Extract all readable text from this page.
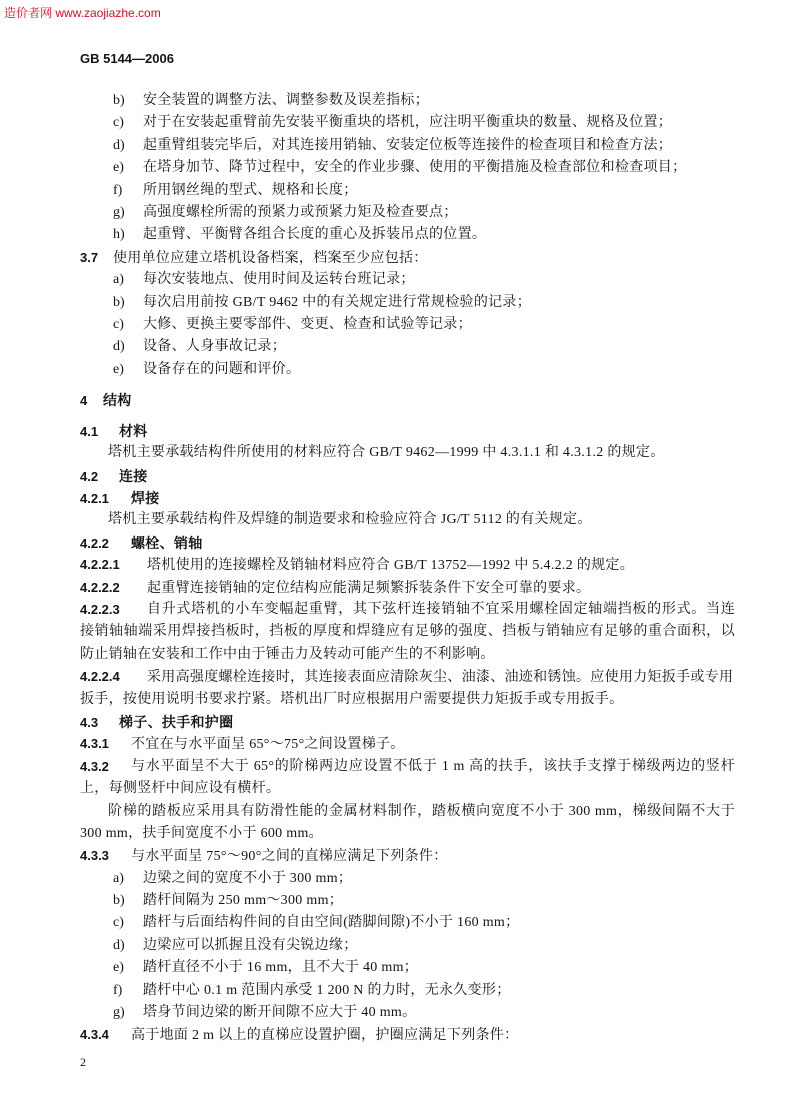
造价者网 www.zaojiazhe.com
GB 5144—2006
b) 安全装置的调整方法、调整参数及误差指标；
c) 对于在安装起重臂前先安装平衡重块的塔机，应注明平衡重块的数量、规格及位置；
d) 起重臂组装完毕后，对其连接用销轴、安装定位板等连接件的检查项目和检查方法；
e) 在塔身加节、降节过程中，安全的作业步骤、使用的平衡措施及检查部位和检查项目；
f) 所用钢丝绳的型式、规格和长度；
g) 高强度螺栓所需的预紧力或预紧力矩及检查要点；
h) 起重臂、平衡臂各组合长度的重心及拆装吊点的位置。
3.7 使用单位应建立塔机设备档案，档案至少应包括：
a) 每次安装地点、使用时间及运转台班记录；
b) 每次启用前按 GB/T 9462 中的有关规定进行常规检验的记录；
c) 大修、更换主要零部件、变更、检查和试验等记录；
d) 设备、人身事故记录；
e) 设备存在的问题和评价。
4 结构
4.1 材料
塔机主要承载结构件所使用的材料应符合 GB/T 9462—1999 中 4.3.1.1 和 4.3.1.2 的规定。
4.2 连接
4.2.1 焊接
塔机主要承载结构件及焊缝的制造要求和检验应符合 JG/T 5112 的有关规定。
4.2.2 螺栓、销轴
4.2.2.1 塔机使用的连接螺栓及销轴材料应符合 GB/T 13752—1992 中 5.4.2.2 的规定。
4.2.2.2 起重臂连接销轴的定位结构应能满足频繁拆装条件下安全可靠的要求。
4.2.2.3 自升式塔机的小车变幅起重臂，其下弦杆连接销轴不宜采用螺栓固定轴端挡板的形式。当连
接销轴轴端采用焊接挡板时，挡板的厚度和焊缝应有足够的强度、挡板与销轴应有足够的重合面积，以
防止销轴在安装和工作中由于锤击力及转动可能产生的不利影响。
4.2.2.4 采用高强度螺栓连接时，其连接表面应清除灰尘、油漆、油迹和锈蚀。应使用力矩扳手或专用
扳手，按使用说明书要求拧紧。塔机出厂时应根据用户需要提供力矩扳手或专用扳手。
4.3 梯子、扶手和护圈
4.3.1 不宜在与水平面呈 65°～75°之间设置梯子。
4.3.2 与水平面呈不大于 65°的阶梯两边应设置不低于 1 m 高的扶手，该扶手支撑于梯级两边的竖杆
上，每侧竖杆中间应设有横杆。
阶梯的踏板应采用具有防滑性能的金属材料制作，踏板横向宽度不小于 300 mm，梯级间隔不大于
300 mm，扶手间宽度不小于 600 mm。
4.3.3 与水平面呈 75°～90°之间的直梯应满足下列条件：
a) 边梁之间的宽度不小于 300 mm；
b) 踏杆间隔为 250 mm～300 mm；
c) 踏杆与后面结构件间的自由空间(踏脚间隙)不小于 160 mm；
d) 边梁应可以抓握且没有尖锐边缘；
e) 踏杆直径不小于 16 mm，且不大于 40 mm；
f) 踏杆中心 0.1 m 范围内承受 1 200 N 的力时，无永久变形；
g) 塔身节间边梁的断开间隙不应大于 40 mm。
4.3.4 高于地面 2 m 以上的直梯应设置护圈，护圈应满足下列条件：
2
